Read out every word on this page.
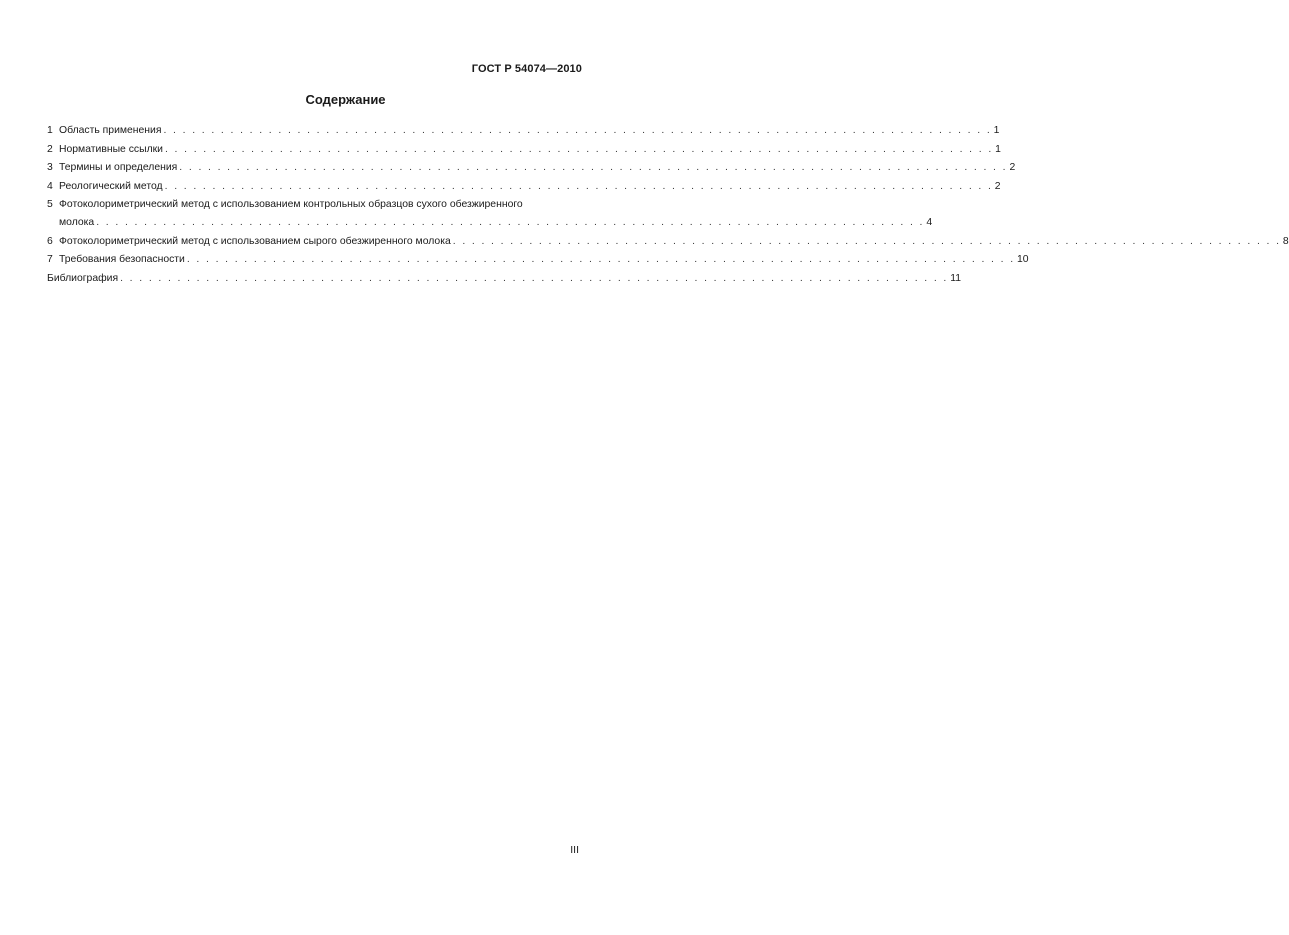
ГОСТ Р 54074—2010
Содержание
1 Область применения . . . . . . . . . . . . . . . . . . . . . . . . . . . . . . . . . . . . . . . . . . . . . . . . . . . . . . . . . . . . . . . . . . . . . . . . . . . . . . . . . . . . . . . 1
2 Нормативные ссылки . . . . . . . . . . . . . . . . . . . . . . . . . . . . . . . . . . . . . . . . . . . . . . . . . . . . . . . . . . . . . . . . . . . . . . . . . . . . . . . . . . . . . . . 1
3 Термины и определения . . . . . . . . . . . . . . . . . . . . . . . . . . . . . . . . . . . . . . . . . . . . . . . . . . . . . . . . . . . . . . . . . . . . . . . . . . . . . . . . . . . . . . . 2
4 Реологический метод . . . . . . . . . . . . . . . . . . . . . . . . . . . . . . . . . . . . . . . . . . . . . . . . . . . . . . . . . . . . . . . . . . . . . . . . . . . . . . . . . . . . . . . 2
5 Фотоколориметрический метод с использованием контрольных образцов сухого обезжиренного
молока . . . . . . . . . . . . . . . . . . . . . . . . . . . . . . . . . . . . . . . . . . . . . . . . . . . . . . . . . . . . . . . . . . . . . . . . . . . . . . . . . . . . . . . 4
6 Фотоколориметрический метод с использованием сырого обезжиренного молока . . . . . . . . . . . . . . . . . . . . . . . . . . . . . . . . . . . . . . . . . . . . . . . . . . . . . . . . . . . . . . . . . . . . . . . . . . . . . . . . . . . . . . . 8
7 Требования безопасности . . . . . . . . . . . . . . . . . . . . . . . . . . . . . . . . . . . . . . . . . . . . . . . . . . . . . . . . . . . . . . . . . . . . . . . . . . . . . . . . . . . . . . . 10
Библиография . . . . . . . . . . . . . . . . . . . . . . . . . . . . . . . . . . . . . . . . . . . . . . . . . . . . . . . . . . . . . . . . . . . . . . . . . . . . . . . . . . . . . . . 11
III
